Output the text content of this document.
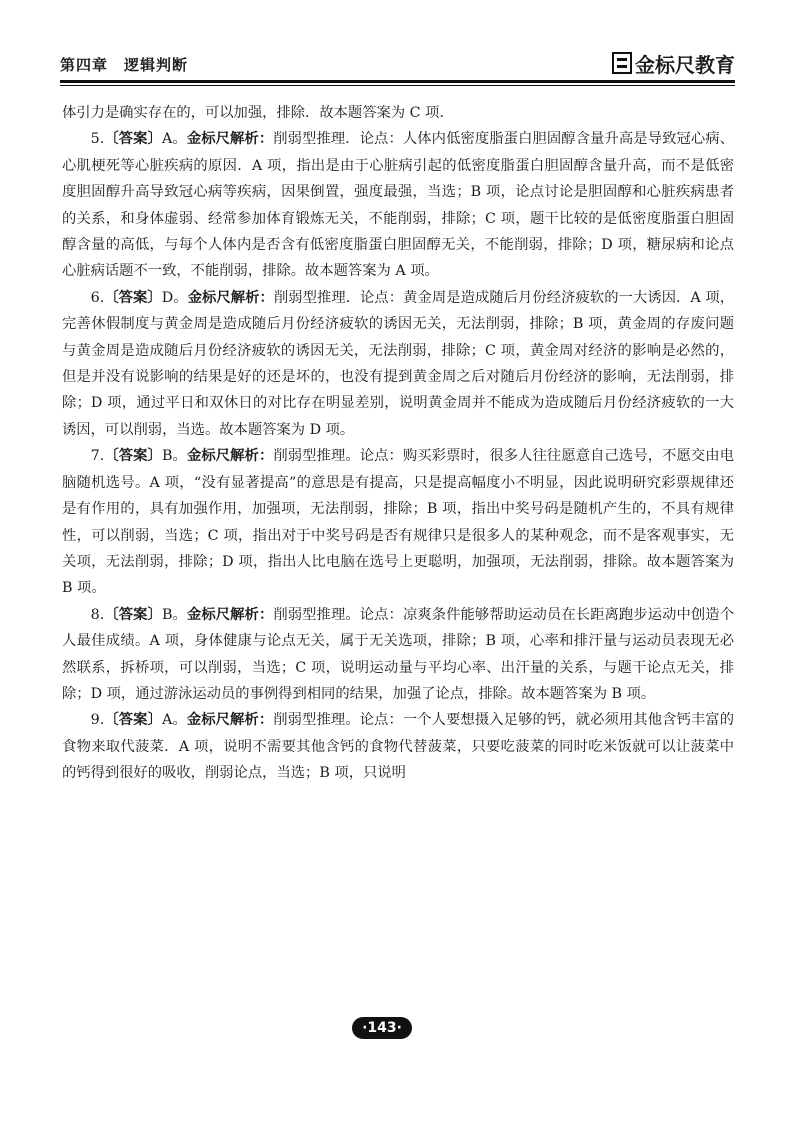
第四章　逻辑判断	金标尺教育

体引力是确实存在的，可以加强，排除．故本题答案为 C 项．

5.〔答案〕A。金标尺解析：削弱型推理．论点：人体内低密度脂蛋白胆固醇含量升高是导致冠心病、心肌梗死等心脏疾病的原因．A 项，指出是由于心脏病引起的低密度脂蛋白胆固醇含量升高，而不是低密度胆固醇升高导致冠心病等疾病，因果倒置，强度最强，当选；B 项，论点讨论是胆固醇和心脏疾病患者的关系，和身体虚弱、经常参加体育锻炼无关，不能削弱，排除；C 项，题干比较的是低密度脂蛋白胆固醇含量的高低，与每个人体内是否含有低密度脂蛋白胆固醇无关，不能削弱，排除；D 项，糖尿病和论点心脏病话题不一致，不能削弱，排除。故本题答案为 A 项。

6.〔答案〕D。金标尺解析：削弱型推理．论点：黄金周是造成随后月份经济疲软的一大诱因．A 项，完善休假制度与黄金周是造成随后月份经济疲软的诱因无关，无法削弱，排除；B 项，黄金周的存废问题与黄金周是造成随后月份经济疲软的诱因无关，无法削弱，排除；C 项，黄金周对经济的影响是必然的，但是并没有说影响的结果是好的还是坏的，也没有提到黄金周之后对随后月份经济的影响，无法削弱，排除；D 项，通过平日和双休日的对比存在明显差别，说明黄金周并不能成为造成随后月份经济疲软的一大诱因，可以削弱，当选。故本题答案为 D 项。

7.〔答案〕B。金标尺解析：削弱型推理。论点：购买彩票时，很多人往往愿意自己选号，不愿交由电脑随机选号。A 项，“没有显著提高”的意思是有提高，只是提高幅度小不明显，因此说明研究彩票规律还是有作用的，具有加强作用，加强项，无法削弱，排除；B 项，指出中奖号码是随机产生的，不具有规律性，可以削弱，当选；C 项，指出对于中奖号码是否有规律只是很多人的某种观念，而不是客观事实，无关项，无法削弱，排除；D 项，指出人比电脑在选号上更聪明，加强项，无法削弱，排除。故本题答案为 B 项。

8.〔答案〕B。金标尺解析：削弱型推理。论点：凉爽条件能够帮助运动员在长距离跑步运动中创造个人最佳成绩。A 项，身体健康与论点无关，属于无关选项，排除；B 项，心率和排汗量与运动员表现无必然联系，拆桥项，可以削弱，当选；C 项，说明运动量与平均心率、出汗量的关系，与题干论点无关，排除；D 项，通过游泳运动员的事例得到相同的结果，加强了论点，排除。故本题答案为 B 项。

9.〔答案〕A。金标尺解析：削弱型推理。论点：一个人要想摄入足够的钙，就必须用其他含钙丰富的食物来取代菠菜．A 项，说明不需要其他含钙的食物代替菠菜，只要吃菠菜的同时吃米饭就可以让菠菜中的钙得到很好的吸收，削弱论点，当选；B 项，只说明

·143·
